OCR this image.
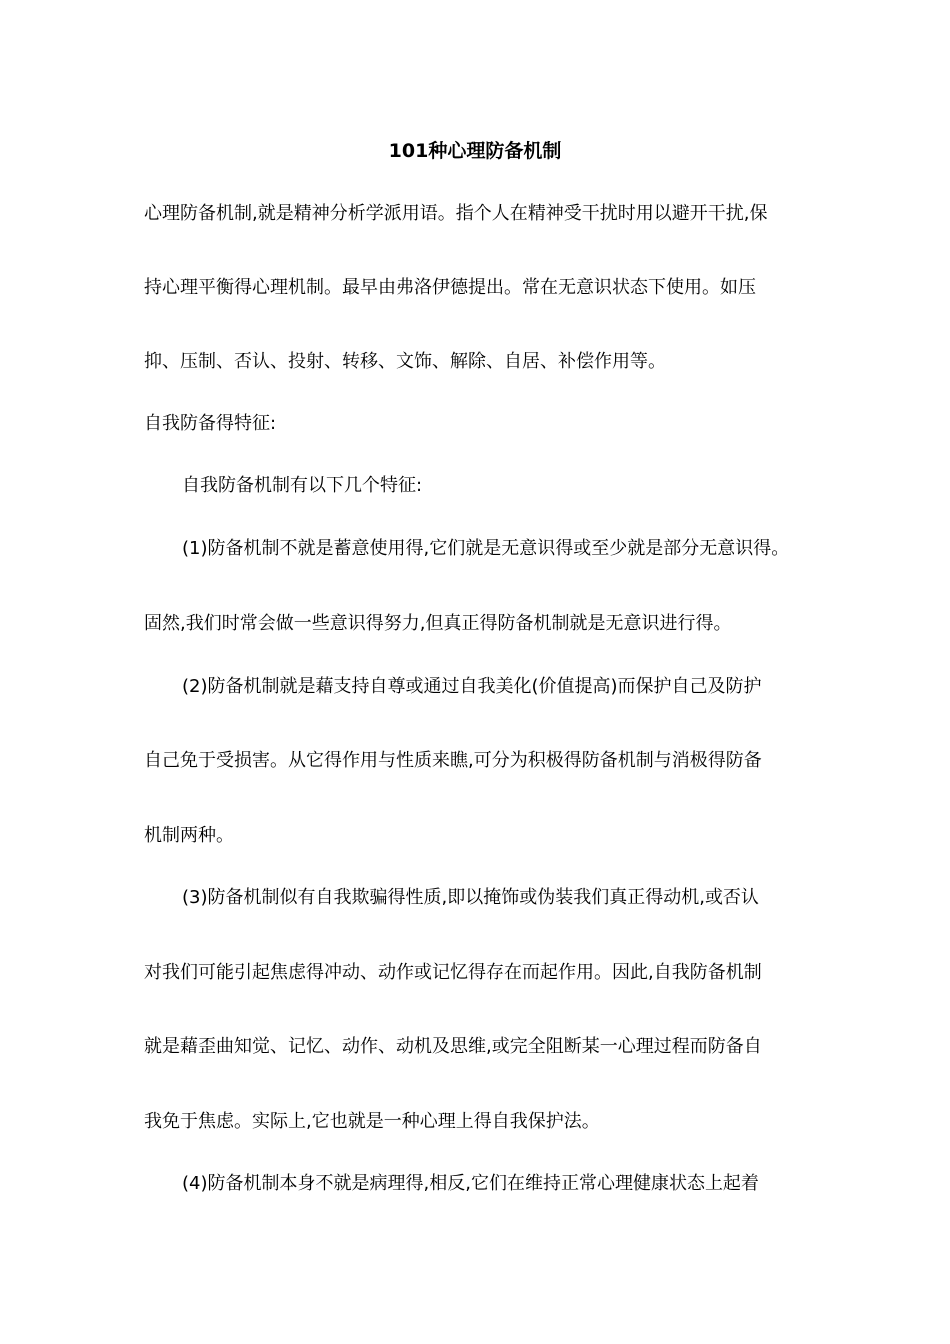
101种心理防备机制
心理防备机制,就是精神分析学派用语。指个人在精神受干扰时用以避开干扰,保
持心理平衡得心理机制。最早由弗洛伊德提出。常在无意识状态下使用。如压
抑、压制、否认、投射、转移、文饰、解除、自居、补偿作用等。
自我防备得特征:
自我防备机制有以下几个特征:
(1)防备机制不就是蓄意使用得,它们就是无意识得或至少就是部分无意识得。
固然,我们时常会做一些意识得努力,但真正得防备机制就是无意识进行得。
(2)防备机制就是藉支持自尊或通过自我美化(价值提高)而保护自己及防护
自己免于受损害。从它得作用与性质来瞧,可分为积极得防备机制与消极得防备
机制两种。
(3)防备机制似有自我欺骗得性质,即以掩饰或伪装我们真正得动机,或否认
对我们可能引起焦虑得冲动、动作或记忆得存在而起作用。因此,自我防备机制
就是藉歪曲知觉、记忆、动作、动机及思维,或完全阻断某一心理过程而防备自
我免于焦虑。实际上,它也就是一种心理上得自我保护法。
(4)防备机制本身不就是病理得,相反,它们在维持正常心理健康状态上起着
